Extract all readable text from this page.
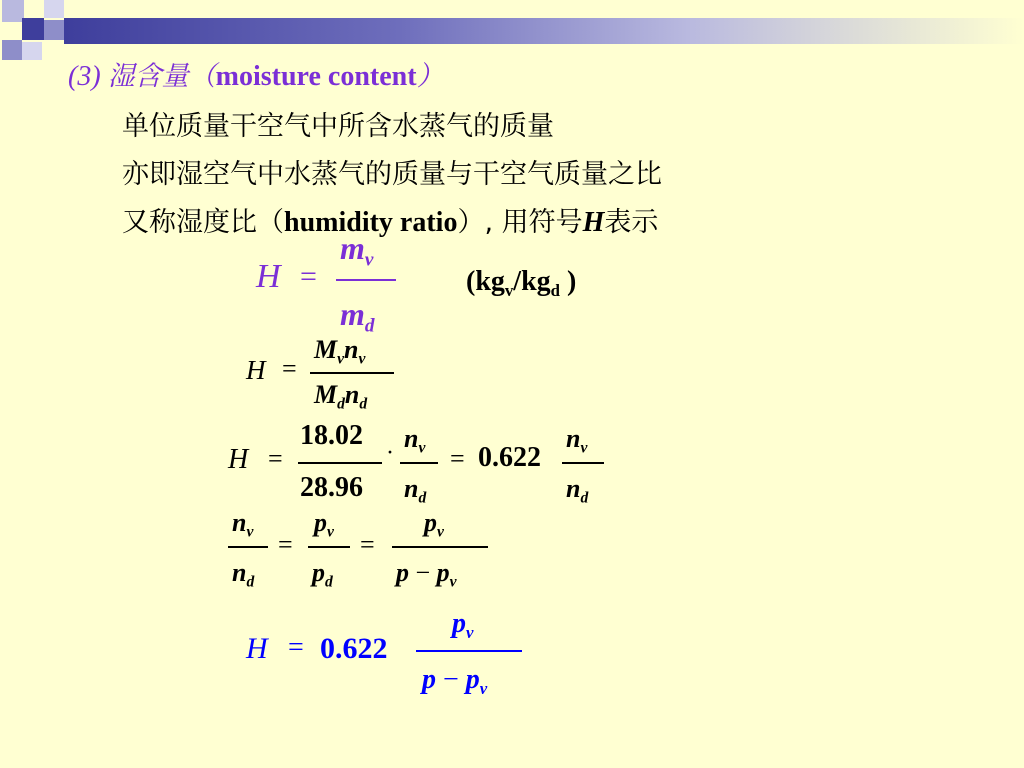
(3) 湿含量（moisture content）
单位质量干空气中所含水蒸气的质量
亦即湿空气中水蒸气的质量与干空气质量之比
又称湿度比（humidity ratio）, 用符号H表示
H =
$m_v$
$m_d$
($kg_v/kg_d$ )
H =
$M_vn_v$
$M_dn_d$
H =
18.02
28.96
· $n_v$
$n_d$
= 0.622
$n_v$
$n_d$
$n_v$
$n_d$
=
$p_v$
$p_d$
=
$p_v$
$p - p_v$
H = 0.622
$p_v$
$p - p_v$
